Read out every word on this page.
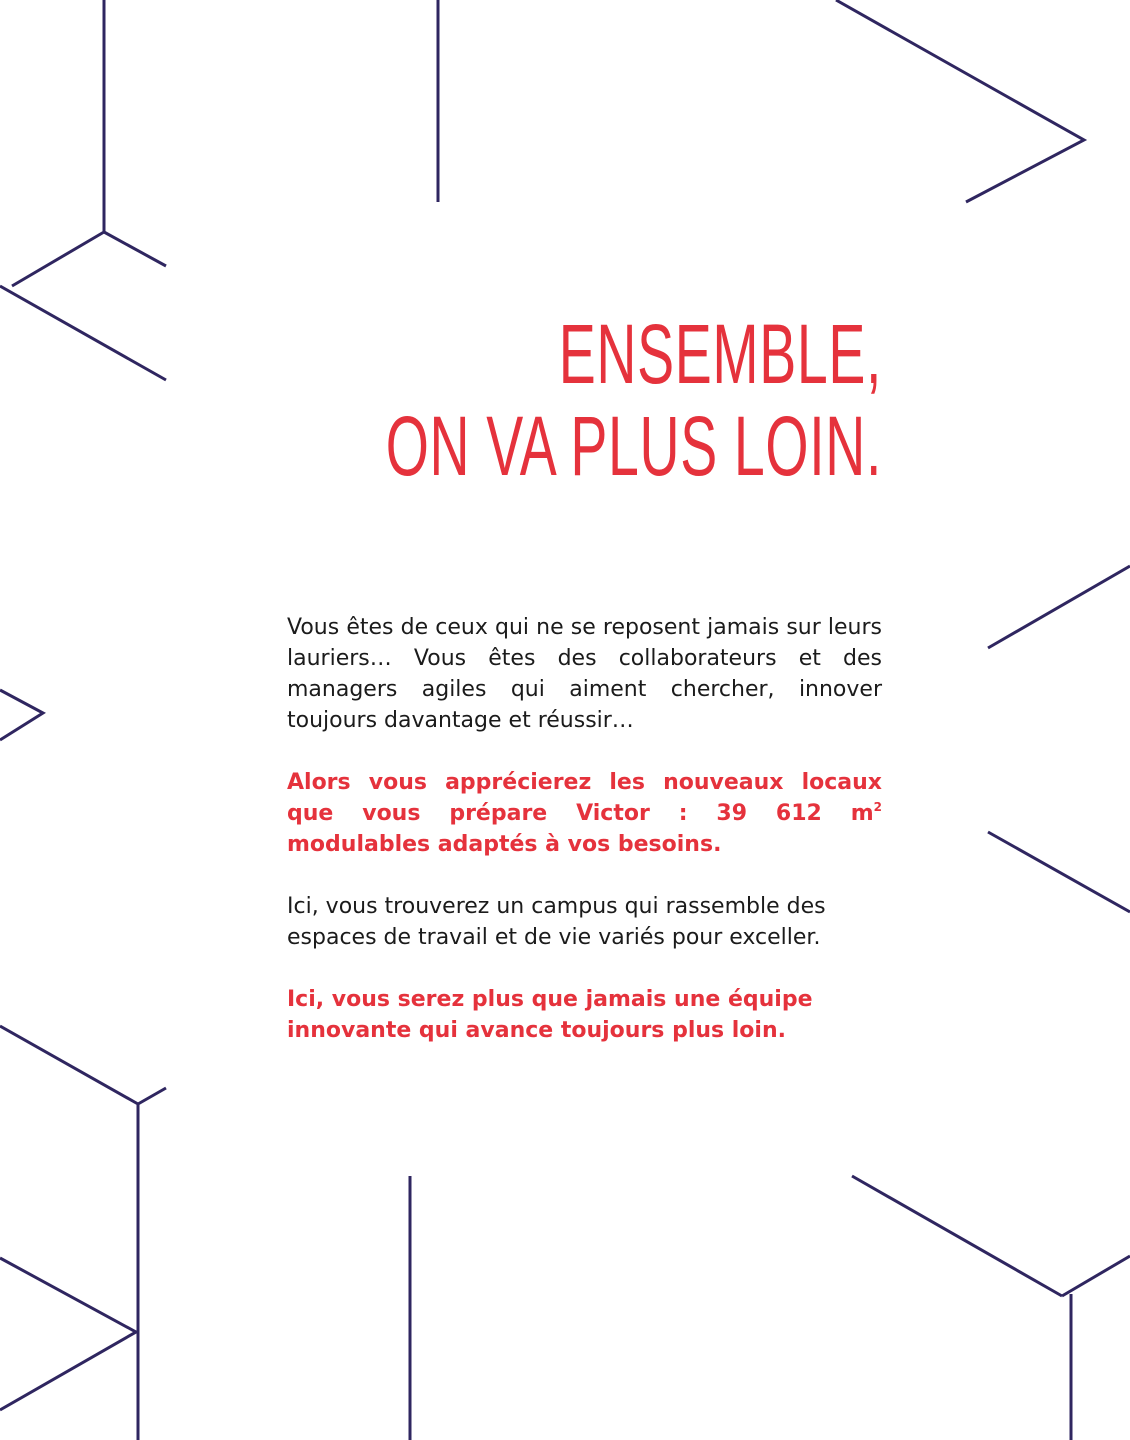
ENSEMBLE,
ON VA PLUS LOIN.

Vous êtes de ceux qui ne se reposent jamais sur leurs lauriers… Vous êtes des collaborateurs et des managers agiles qui aiment chercher, innover toujours davantage et réussir…

Alors vous apprécierez les nouveaux locaux que vous prépare Victor : 39 612 $m^2$ modulables adaptés à vos besoins.

Ici, vous trouverez un campus qui rassemble des espaces de travail et de vie variés pour exceller.

Ici, vous serez plus que jamais une équipe innovante qui avance toujours plus loin.
